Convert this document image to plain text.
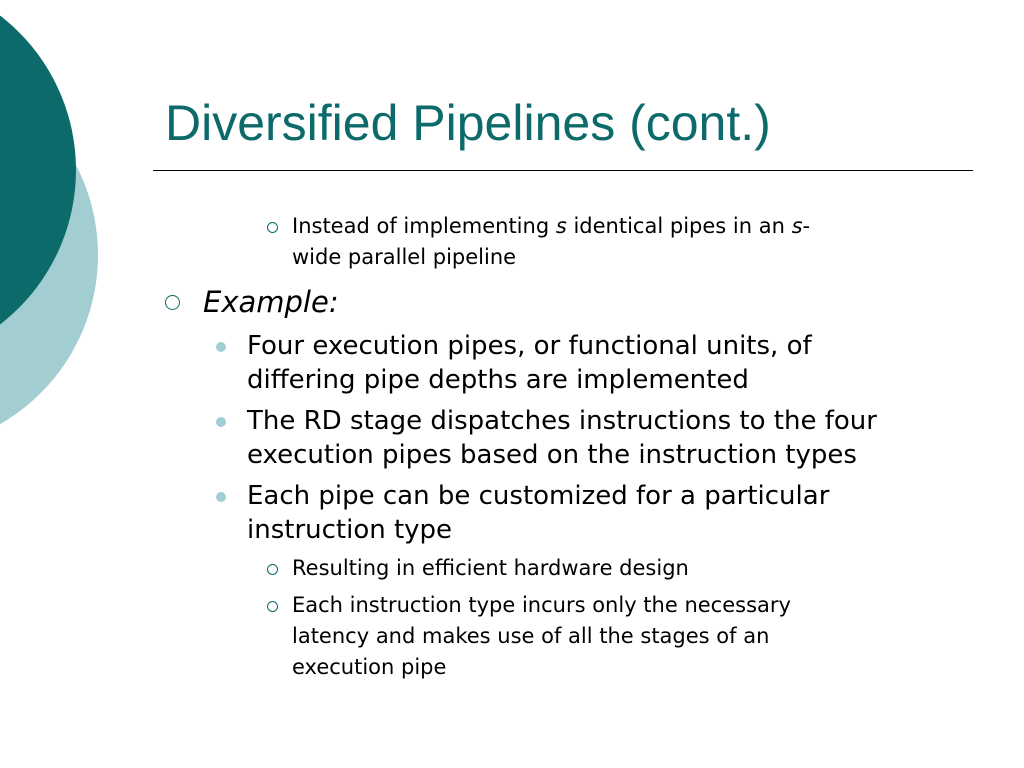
Diversified Pipelines (cont.)
Instead of implementing s identical pipes in an s-
wide parallel pipeline
Example:
Four execution pipes, or functional units, of
differing pipe depths are implemented
The RD stage dispatches instructions to the four
execution pipes based on the instruction types
Each pipe can be customized for a particular
instruction type
Resulting in efficient hardware design
Each instruction type incurs only the necessary
latency and makes use of all the stages of an
execution pipe
